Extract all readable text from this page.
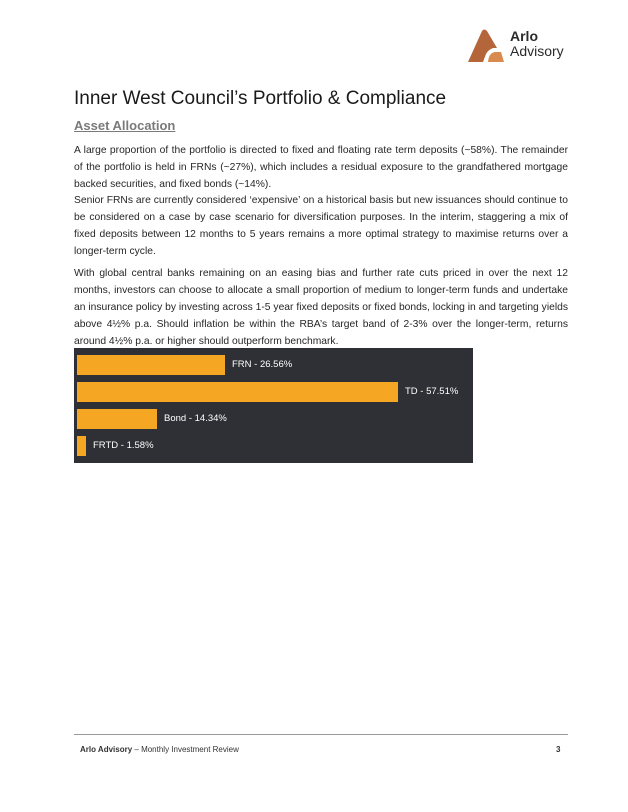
Arlo
Advisory
Inner West Council’s Portfolio & Compliance
Asset Allocation

A large proportion of the portfolio is directed to fixed and floating rate term deposits (~58%). The remainder of the portfolio is held in FRNs (~27%), which includes a residual exposure to the grandfathered mortgage backed securities, and fixed bonds (~14%).

Senior FRNs are currently considered ‘expensive’ on a historical basis but new issuances should continue to be considered on a case by case scenario for diversification purposes. In the interim, staggering a mix of fixed deposits between 12 months to 5 years remains a more optimal strategy to maximise returns over a longer-term cycle.

With global central banks remaining on an easing bias and further rate cuts priced in over the next 12 months, investors can choose to allocate a small proportion of medium to longer-term funds and undertake an insurance policy by investing across 1-5 year fixed deposits or fixed bonds, locking in and targeting yields above 4½% p.a. Should inflation be within the RBA’s target band of 2-3% over the longer-term, returns around 4½% p.a. or higher should outperform benchmark.

FRN - 26.56%
TD - 57.51%
Bond - 14.34%
FRTD - 1.58%
Arlo Advisory – Monthly Investment Review	3
